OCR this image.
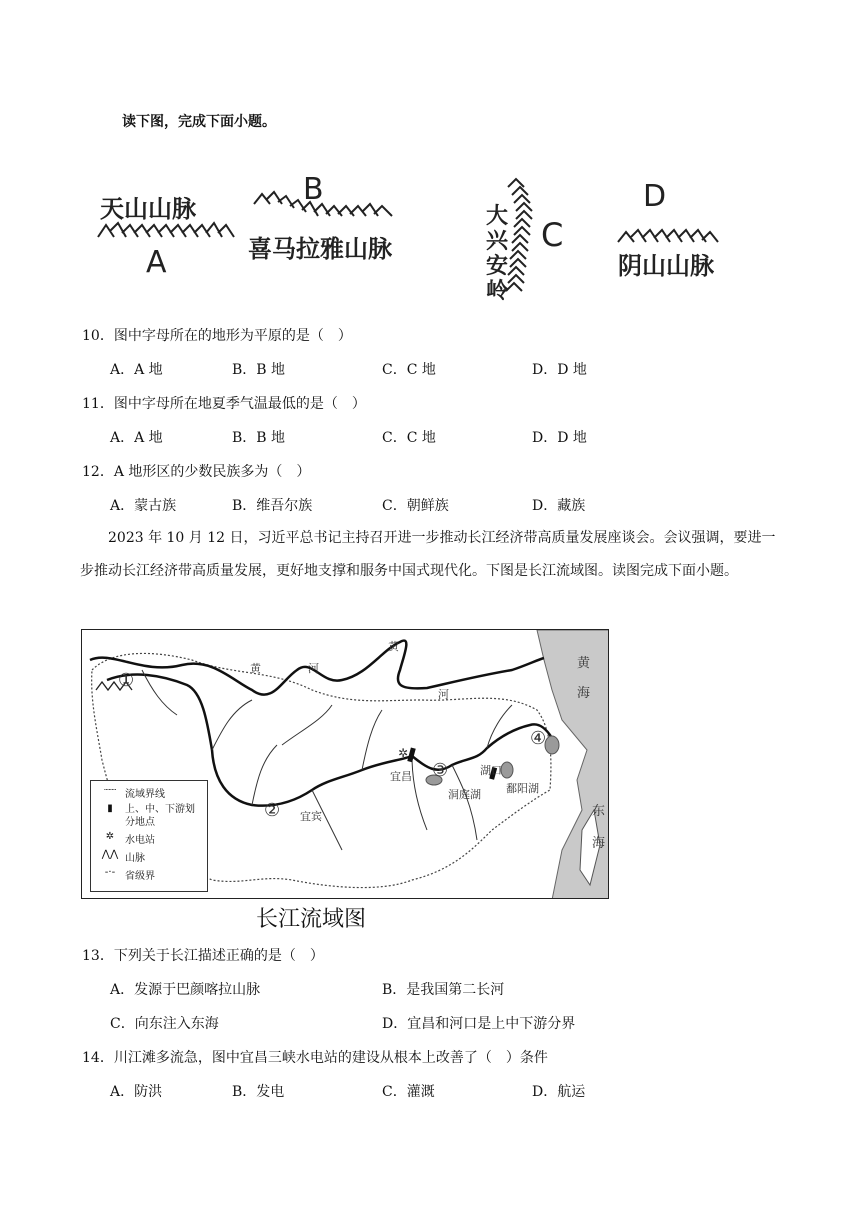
读下图，完成下面小题。
天山山脉
A
B
喜马拉雅山脉
大
兴
安
岭
C
D
阴山山脉
10．图中字母所在的地形为平原的是（　）
A．A 地	B．B 地	C．C 地	D．D 地
11．图中字母所在地夏季气温最低的是（　）
A．A 地	B．B 地	C．C 地	D．D 地
12．A 地形区的少数民族多为（　）
A．蒙古族	B．维吾尔族	C．朝鲜族	D．藏族
2023 年 10 月 12 日，习近平总书记主持召开进一步推动长江经济带高质量发展座谈会。会议强调，要进一步推动长江经济带高质量发展，更好地支撑和服务中国式现代化。下图是长江流域图。读图完成下面小题。
黄
河
黄
河
黄
海
东
海
宜昌	湖口
洞庭湖 鄱阳湖
宜宾
①
②
③
④
✲
┈┈ 流域界线
▮	上、中、下游划分地点
✲	水电站
⋀⋀ 山脉
-·- 省级界
长江流域图
13．下列关于长江描述正确的是（　）
A．发源于巴颜喀拉山脉	B．是我国第二长河
C．向东注入东海	D．宜昌和河口是上中下游分界
14．川江滩多流急，图中宜昌三峡水电站的建设从根本上改善了（　）条件
A．防洪	B．发电	C．灌溉	D．航运
